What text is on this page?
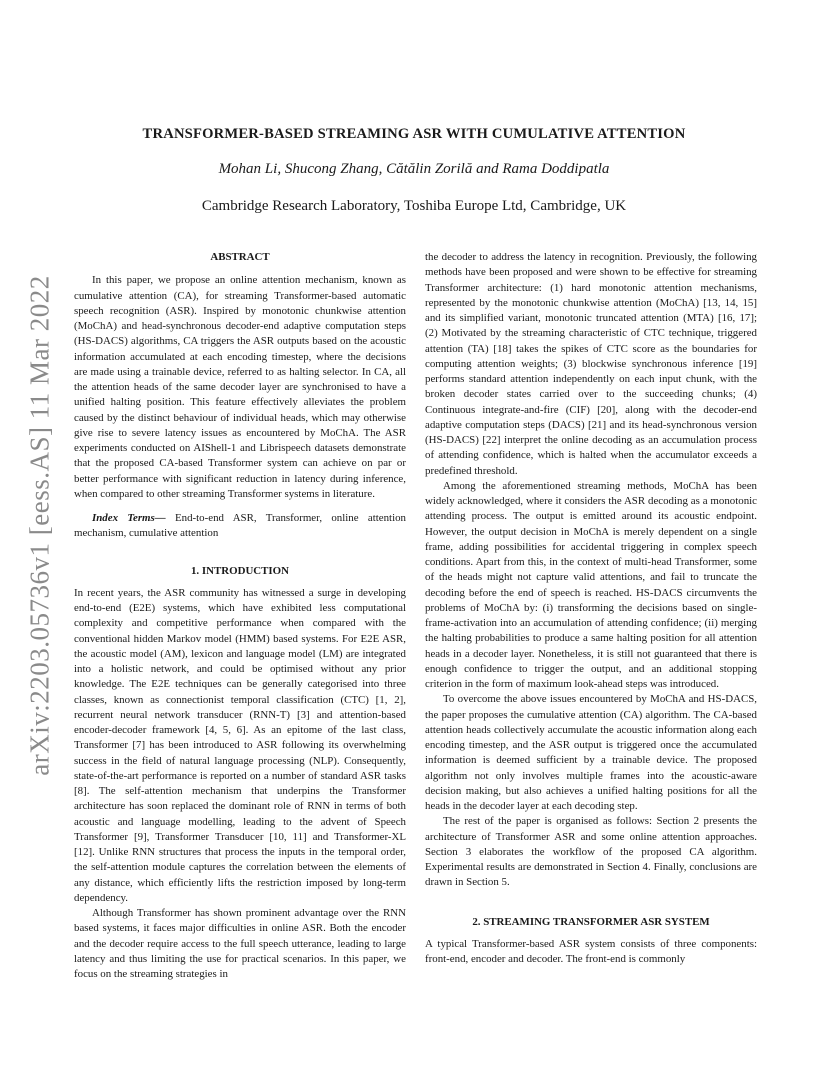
arXiv:2203.05736v1 [eess.AS] 11 Mar 2022
TRANSFORMER-BASED STREAMING ASR WITH CUMULATIVE ATTENTION
Mohan Li, Shucong Zhang, Cătălin Zorilă and Rama Doddipatla
Cambridge Research Laboratory, Toshiba Europe Ltd, Cambridge, UK
ABSTRACT

In this paper, we propose an online attention mechanism, known as cumulative attention (CA), for streaming Transformer-based automatic speech recognition (ASR). Inspired by monotonic chunkwise attention (MoChA) and head-synchronous decoder-end adaptive computation steps (HS-DACS) algorithms, CA triggers the ASR outputs based on the acoustic information accumulated at each encoding timestep, where the decisions are made using a trainable device, referred to as halting selector. In CA, all the attention heads of the same decoder layer are synchronised to have a unified halting position. This feature effectively alleviates the problem caused by the distinct behaviour of individual heads, which may otherwise give rise to severe latency issues as encountered by MoChA. The ASR experiments conducted on AIShell-1 and Librispeech datasets demonstrate that the proposed CA-based Transformer system can achieve on par or better performance with significant reduction in latency during inference, when compared to other streaming Transformer systems in literature.

Index Terms— End-to-end ASR, Transformer, online attention mechanism, cumulative attention

1. INTRODUCTION

In recent years, the ASR community has witnessed a surge in developing end-to-end (E2E) systems, which have exhibited less computational complexity and competitive performance when compared with the conventional hidden Markov model (HMM) based systems. For E2E ASR, the acoustic model (AM), lexicon and language model (LM) are integrated into a holistic network, and could be optimised without any prior knowledge. The E2E techniques can be generally categorised into three classes, known as connectionist temporal classification (CTC) [1, 2], recurrent neural network transducer (RNN-T) [3] and attention-based encoder-decoder framework [4, 5, 6]. As an epitome of the last class, Transformer [7] has been introduced to ASR following its overwhelming success in the field of natural language processing (NLP). Consequently, state-of-the-art performance is reported on a number of standard ASR tasks [8]. The self-attention mechanism that underpins the Transformer architecture has soon replaced the dominant role of RNN in terms of both acoustic and language modelling, leading to the advent of Speech Transformer [9], Transformer Transducer [10, 11] and Transformer-XL [12]. Unlike RNN structures that process the inputs in the temporal order, the self-attention module captures the correlation between the elements of any distance, which efficiently lifts the restriction imposed by long-term dependency.

Although Transformer has shown prominent advantage over the RNN based systems, it faces major difficulties in online ASR. Both the encoder and the decoder require access to the full speech utterance, leading to large latency and thus limiting the use for practical scenarios. In this paper, we focus on the streaming strategies in

the decoder to address the latency in recognition. Previously, the following methods have been proposed and were shown to be effective for streaming Transformer architecture: (1) hard monotonic attention mechanisms, represented by the monotonic chunkwise attention (MoChA) [13, 14, 15] and its simplified variant, monotonic truncated attention (MTA) [16, 17]; (2) Motivated by the streaming characteristic of CTC technique, triggered attention (TA) [18] takes the spikes of CTC score as the boundaries for computing attention weights; (3) blockwise synchronous inference [19] performs standard attention independently on each input chunk, with the broken decoder states carried over to the succeeding chunks; (4) Continuous integrate-and-fire (CIF) [20], along with the decoder-end adaptive computation steps (DACS) [21] and its head-synchronous version (HS-DACS) [22] interpret the online decoding as an accumulation process of attending confidence, which is halted when the accumulator exceeds a predefined threshold.

Among the aforementioned streaming methods, MoChA has been widely acknowledged, where it considers the ASR decoding as a monotonic attending process. The output is emitted around its acoustic endpoint. However, the output decision in MoChA is merely dependent on a single frame, adding possibilities for accidental triggering in complex speech conditions. Apart from this, in the context of multi-head Transformer, some of the heads might not capture valid attentions, and fail to truncate the decoding before the end of speech is reached. HS-DACS circumvents the problems of MoChA by: (i) transforming the decisions based on single-frame-activation into an accumulation of attending confidence; (ii) merging the halting probabilities to produce a same halting position for all attention heads in a decoder layer. Nonetheless, it is still not guaranteed that there is enough confidence to trigger the output, and an additional stopping criterion in the form of maximum look-ahead steps was introduced.

To overcome the above issues encountered by MoChA and HS-DACS, the paper proposes the cumulative attention (CA) algorithm. The CA-based attention heads collectively accumulate the acoustic information along each encoding timestep, and the ASR output is triggered once the accumulated information is deemed sufficient by a trainable device. The proposed algorithm not only involves multiple frames into the acoustic-aware decision making, but also achieves a unified halting positions for all the heads in the decoder layer at each decoding step.

The rest of the paper is organised as follows: Section 2 presents the architecture of Transformer ASR and some online attention approaches. Section 3 elaborates the workflow of the proposed CA algorithm. Experimental results are demonstrated in Section 4. Finally, conclusions are drawn in Section 5.

2. STREAMING TRANSFORMER ASR SYSTEM

A typical Transformer-based ASR system consists of three components: front-end, encoder and decoder. The front-end is commonly
